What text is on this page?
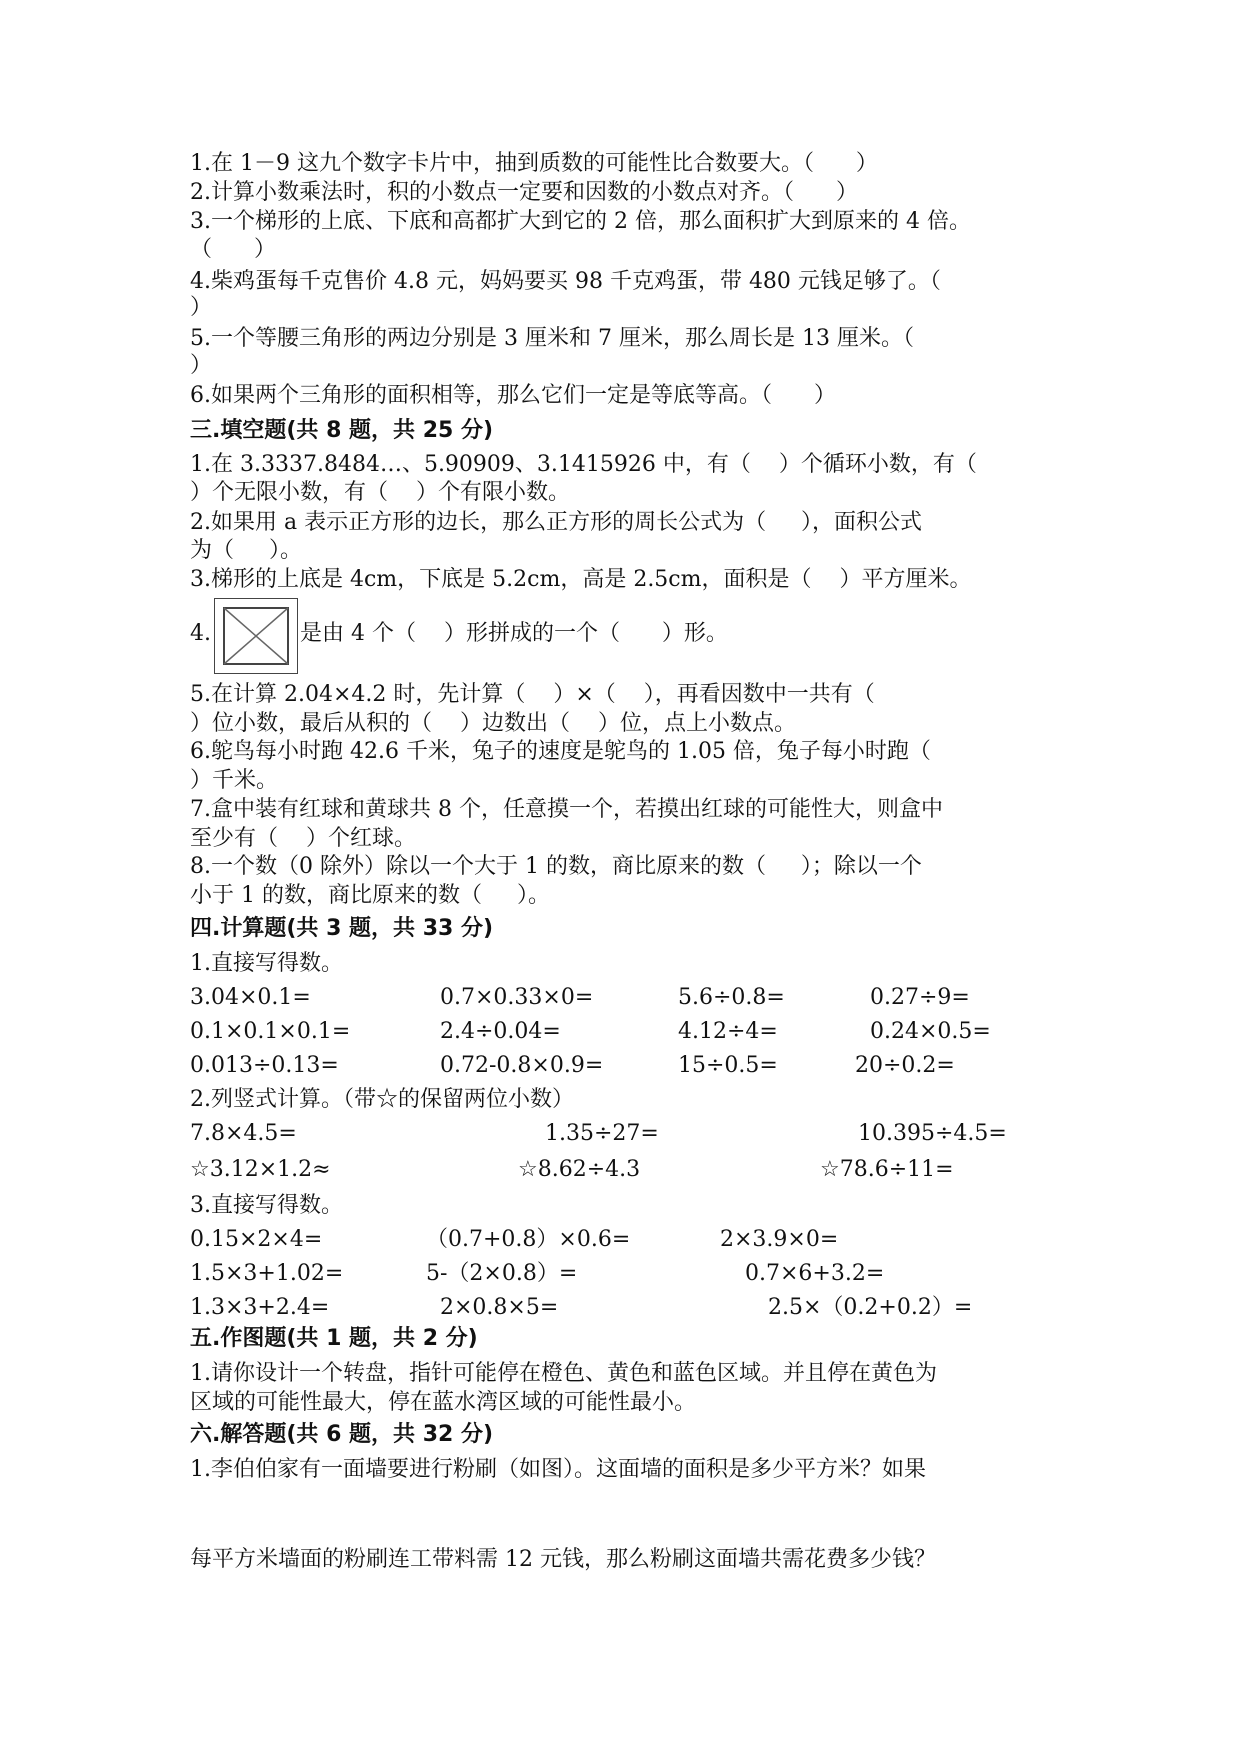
1.在 1－9 这九个数字卡片中，抽到质数的可能性比合数要大。（      ）
2.计算小数乘法时，积的小数点一定要和因数的小数点对齐。（      ）
3.一个梯形的上底、下底和高都扩大到它的 2 倍，那么面积扩大到原来的 4 倍。
（      ）
4.柴鸡蛋每千克售价 4.8 元，妈妈要买 98 千克鸡蛋，带 480 元钱足够了。（
）
5.一个等腰三角形的两边分别是 3 厘米和 7 厘米，那么周长是 13 厘米。（
）
6.如果两个三角形的面积相等，那么它们一定是等底等高。（      ）
三.填空题(共 8 题，共 25 分)
1.在 3.3337.8484…、5.90909、3.1415926 中，有（    ）个循环小数，有（
）个无限小数，有（    ）个有限小数。
2.如果用 a 表示正方形的边长，那么正方形的周长公式为（     ），面积公式
为（     ）。
3.梯形的上底是 4cm，下底是 5.2cm，高是 2.5cm，面积是（    ）平方厘米。
4.	是由 4 个（    ）形拼成的一个（      ）形。
5.在计算 2.04×4.2 时，先计算（    ）×（    ），再看因数中一共有（
）位小数，最后从积的（    ）边数出（    ）位，点上小数点。
6.鸵鸟每小时跑 42.6 千米，兔子的速度是鸵鸟的 1.05 倍，兔子每小时跑（
）千米。
7.盒中装有红球和黄球共 8 个，任意摸一个，若摸出红球的可能性大，则盒中
至少有（    ）个红球。
8.一个数（0 除外）除以一个大于 1 的数，商比原来的数（     ）；除以一个
小于 1 的数，商比原来的数（     ）。
四.计算题(共 3 题，共 33 分)
1.直接写得数。
3.04×0.1=	0.7×0.33×0=	5.6÷0.8=	0.27÷9=
0.1×0.1×0.1=	2.4÷0.04=	4.12÷4=	0.24×0.5=
0.013÷0.13=	0.72-0.8×0.9=	15÷0.5=	20÷0.2=
2.列竖式计算。（带☆的保留两位小数）
7.8×4.5=	1.35÷27=	10.395÷4.5=
☆3.12×1.2≈	☆8.62÷4.3	☆78.6÷11=
3.直接写得数。
0.15×2×4=	（0.7+0.8）×0.6=	2×3.9×0=
1.5×3+1.02=	5-（2×0.8）=	0.7×6+3.2=
1.3×3+2.4=	2×0.8×5=	2.5×（0.2+0.2）=
五.作图题(共 1 题，共 2 分)
1.请你设计一个转盘，指针可能停在橙色、黄色和蓝色区域。并且停在黄色为
区域的可能性最大，停在蓝水湾区域的可能性最小。
六.解答题(共 6 题，共 32 分)
1.李伯伯家有一面墙要进行粉刷（如图）。这面墙的面积是多少平方米？如果
每平方米墙面的粉刷连工带料需 12 元钱，那么粉刷这面墙共需花费多少钱？
